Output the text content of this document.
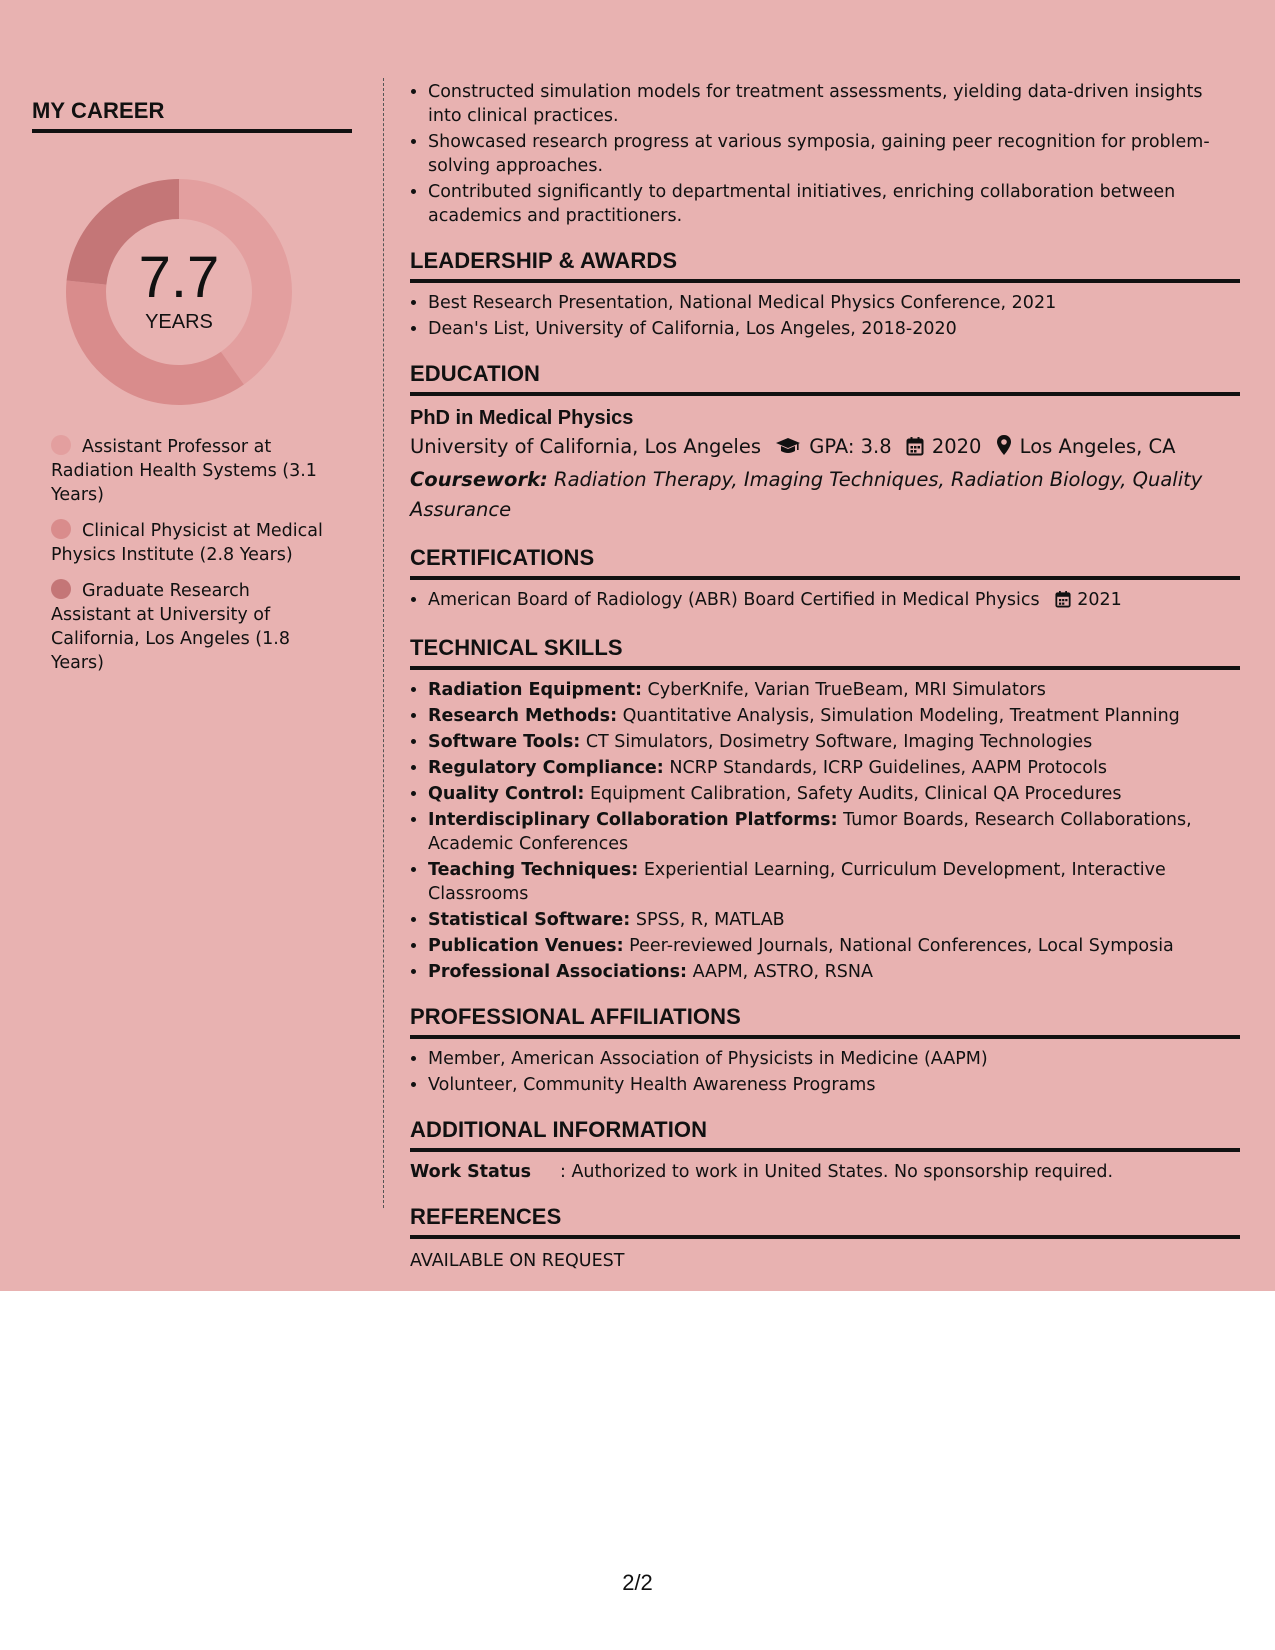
MY CAREER
7.7
YEARS
Assistant Professor at Radiation Health Systems (3.1 Years)
Clinical Physicist at Medical Physics Institute (2.8 Years)
Graduate Research Assistant at University of California, Los Angeles (1.8 Years)
• Constructed simulation models for treatment assessments, yielding data-driven insights into clinical practices.
• Showcased research progress at various symposia, gaining peer recognition for problem-solving approaches.
• Contributed significantly to departmental initiatives, enriching collaboration between academics and practitioners.
LEADERSHIP & AWARDS
• Best Research Presentation, National Medical Physics Conference, 2021
• Dean's List, University of California, Los Angeles, 2018-2020
EDUCATION
PhD in Medical Physics
University of California, Los Angeles GPA: 3.8 2020 Los Angeles, CA
Coursework: Radiation Therapy, Imaging Techniques, Radiation Biology, Quality Assurance
CERTIFICATIONS
• American Board of Radiology (ABR) Board Certified in Medical Physics 2021
TECHNICAL SKILLS
• Radiation Equipment: CyberKnife, Varian TrueBeam, MRI Simulators
• Research Methods: Quantitative Analysis, Simulation Modeling, Treatment Planning
• Software Tools: CT Simulators, Dosimetry Software, Imaging Technologies
• Regulatory Compliance: NCRP Standards, ICRP Guidelines, AAPM Protocols
• Quality Control: Equipment Calibration, Safety Audits, Clinical QA Procedures
• Interdisciplinary Collaboration Platforms: Tumor Boards, Research Collaborations, Academic Conferences
• Teaching Techniques: Experiential Learning, Curriculum Development, Interactive Classrooms
• Statistical Software: SPSS, R, MATLAB
• Publication Venues: Peer-reviewed Journals, National Conferences, Local Symposia
• Professional Associations: AAPM, ASTRO, RSNA
PROFESSIONAL AFFILIATIONS
• Member, American Association of Physicists in Medicine (AAPM)
• Volunteer, Community Health Awareness Programs
ADDITIONAL INFORMATION
Work Status : Authorized to work in United States. No sponsorship required.
REFERENCES
AVAILABLE ON REQUEST
2/2
